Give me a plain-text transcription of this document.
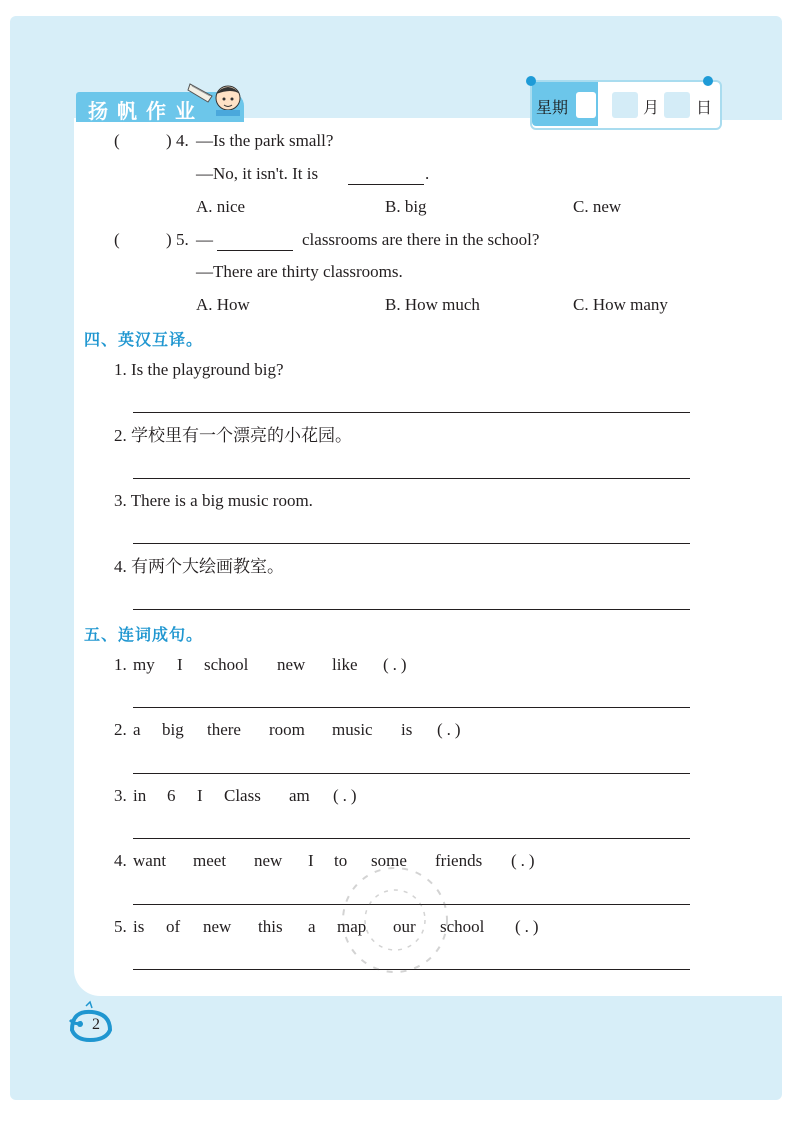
扬帆作业	星期	月 日
(	) 4. —Is the park small?
—No, it isn't. It is	.
A. nice	B. big	C. new
(	) 5. —	classrooms are there in the school?
—There are thirty classrooms.
A. How	B. How much	C. How many
四、英汉互译。
1. Is the playground big?
2. 学校里有一个漂亮的小花园。
3. There is a big music room.
4. 有两个大绘画教室。
五、连词成句。
1. my I school new like (.)
2. a big there room music is (.)
3. in 6 I Class am (.)
4. want meet new I to some friends (.)
5. is of new this a map our school (.)
2
